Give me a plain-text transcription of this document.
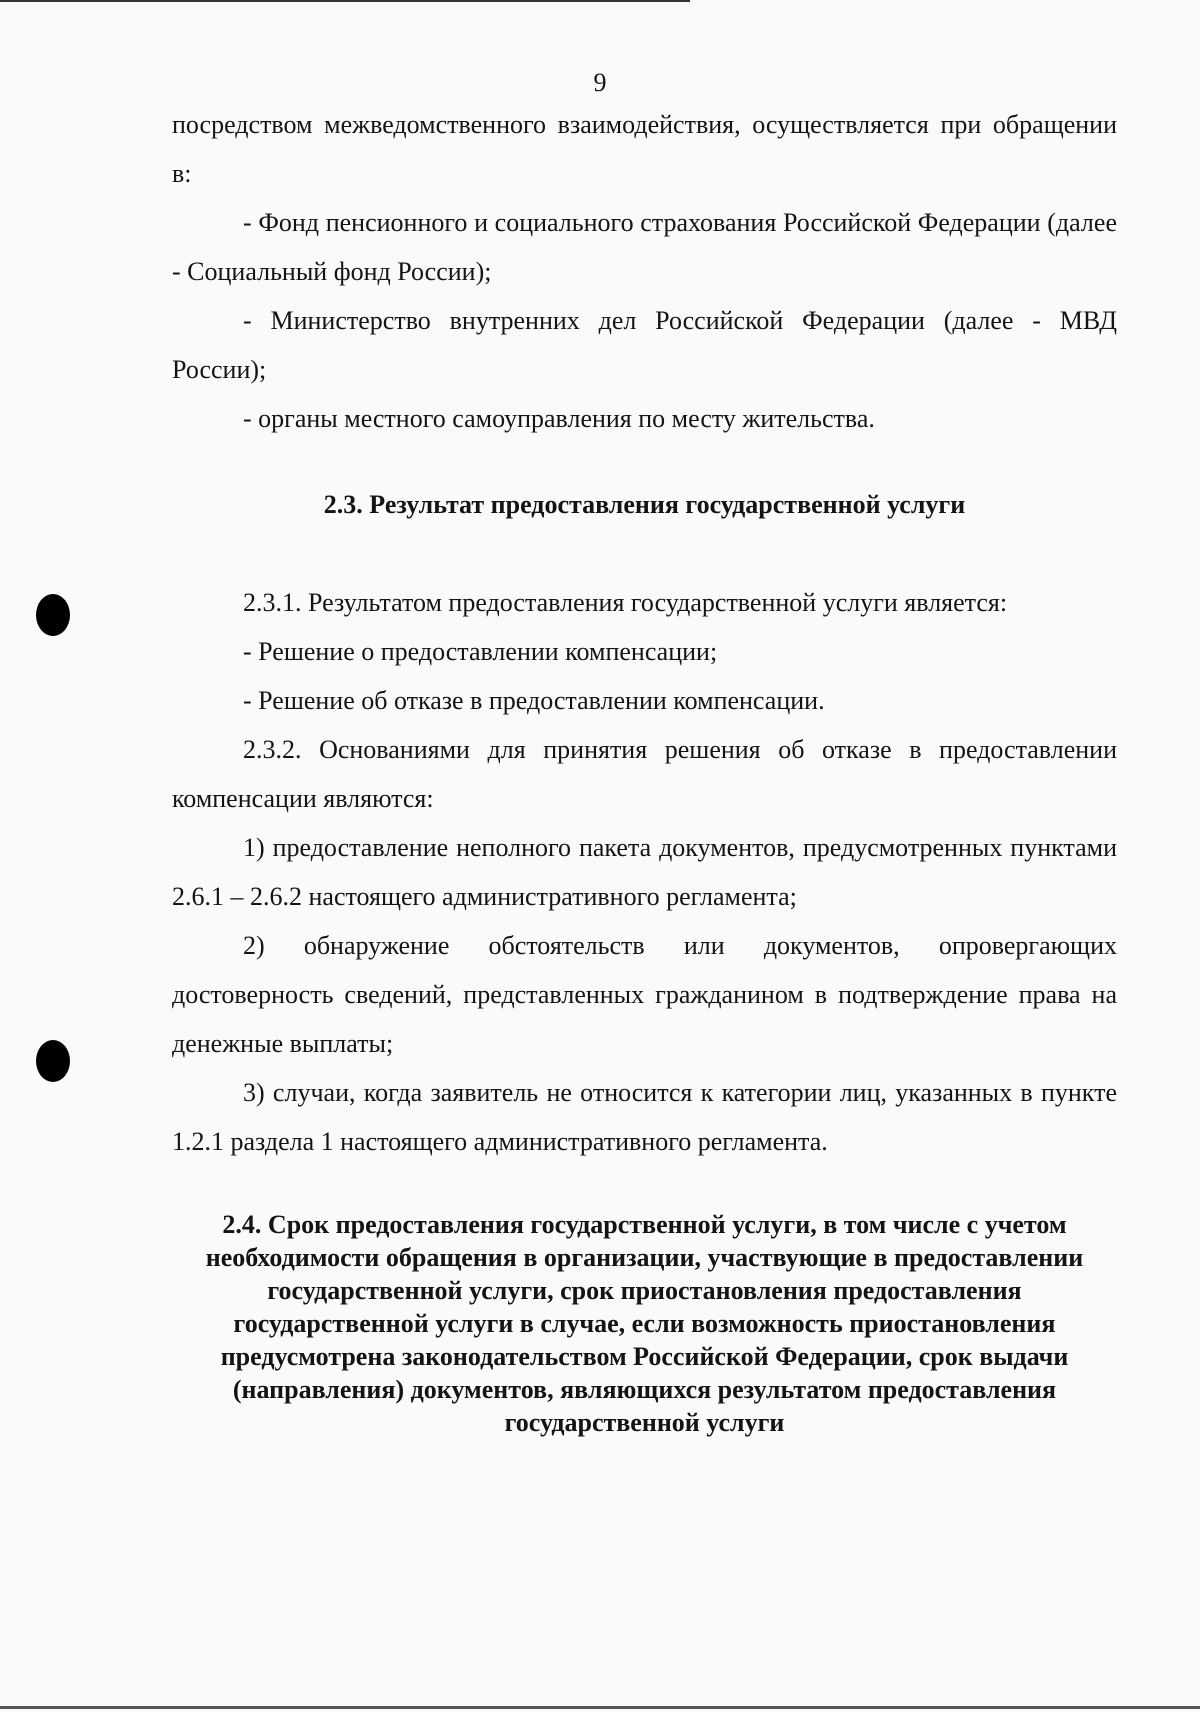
9

посредством межведомственного взаимодействия, осуществляется при обращении в:

- Фонд пенсионного и социального страхования Российской Федерации (далее - Социальный фонд России);

- Министерство внутренних дел Российской Федерации (далее - МВД России);

- органы местного самоуправления по месту жительства.

2.3. Результат предоставления государственной услуги

2.3.1. Результатом предоставления государственной услуги является:

- Решение о предоставлении компенсации;

- Решение об отказе в предоставлении компенсации.

2.3.2. Основаниями для принятия решения об отказе в предоставлении компенсации являются:

1) предоставление неполного пакета документов, предусмотренных пунктами 2.6.1 – 2.6.2 настоящего административного регламента;

2) обнаружение обстоятельств или документов, опровергающих достоверность сведений, представленных гражданином в подтверждение права на денежные выплаты;

3) случаи, когда заявитель не относится к категории лиц, указанных в пункте 1.2.1 раздела 1 настоящего административного регламента.

2.4. Срок предоставления государственной услуги, в том числе с учетом необходимости обращения в организации, участвующие в предоставлении государственной услуги, срок приостановления предоставления государственной услуги в случае, если возможность приостановления предусмотрена законодательством Российской Федерации, срок выдачи (направления) документов, являющихся результатом предоставления государственной услуги
